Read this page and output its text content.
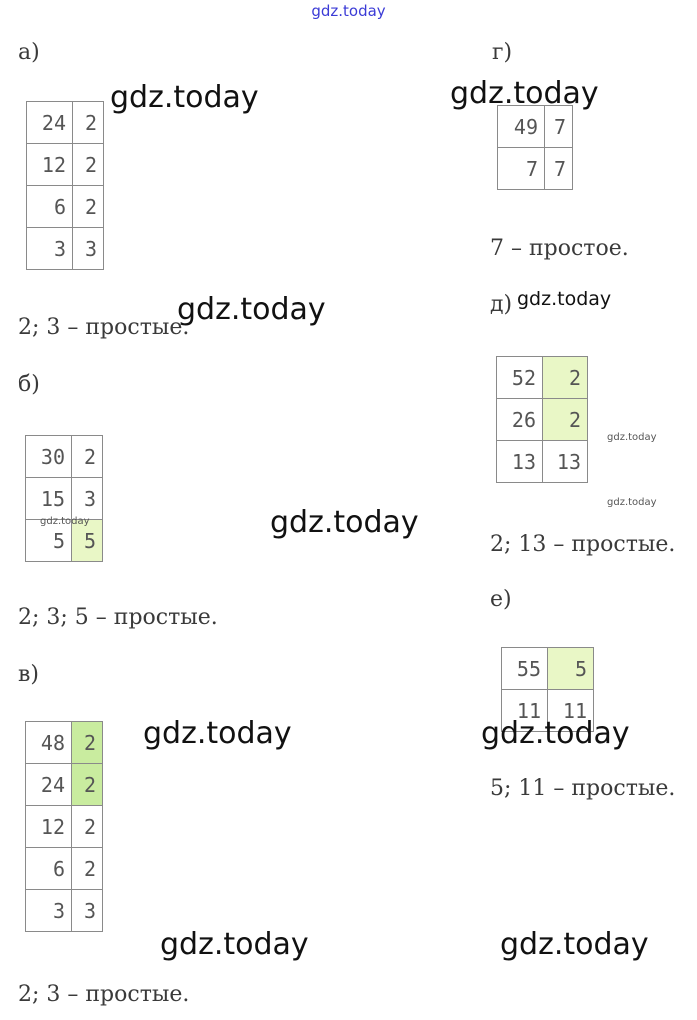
gdz.today
а)
24	2
12	2
6	2
3	3
2; 3 – простые.
б)
30	2
15	3
5	5
2; 3; 5 – простые.
в)
48	2
24	2
12	2
6	2
3	3
2; 3 – простые.
г)
49	7
7	7
7 – простое.
д)
52	2
26	2
13	13
2; 13 – простые.
е)
55	5
11	11
5; 11 – простые.
gdz.today	gdz.today
gdz.today
gdz.today
gdz.today	gdz.today
gdz.today	gdz.today
gdz.today
gdz.today
gdz.today
gdz.today
